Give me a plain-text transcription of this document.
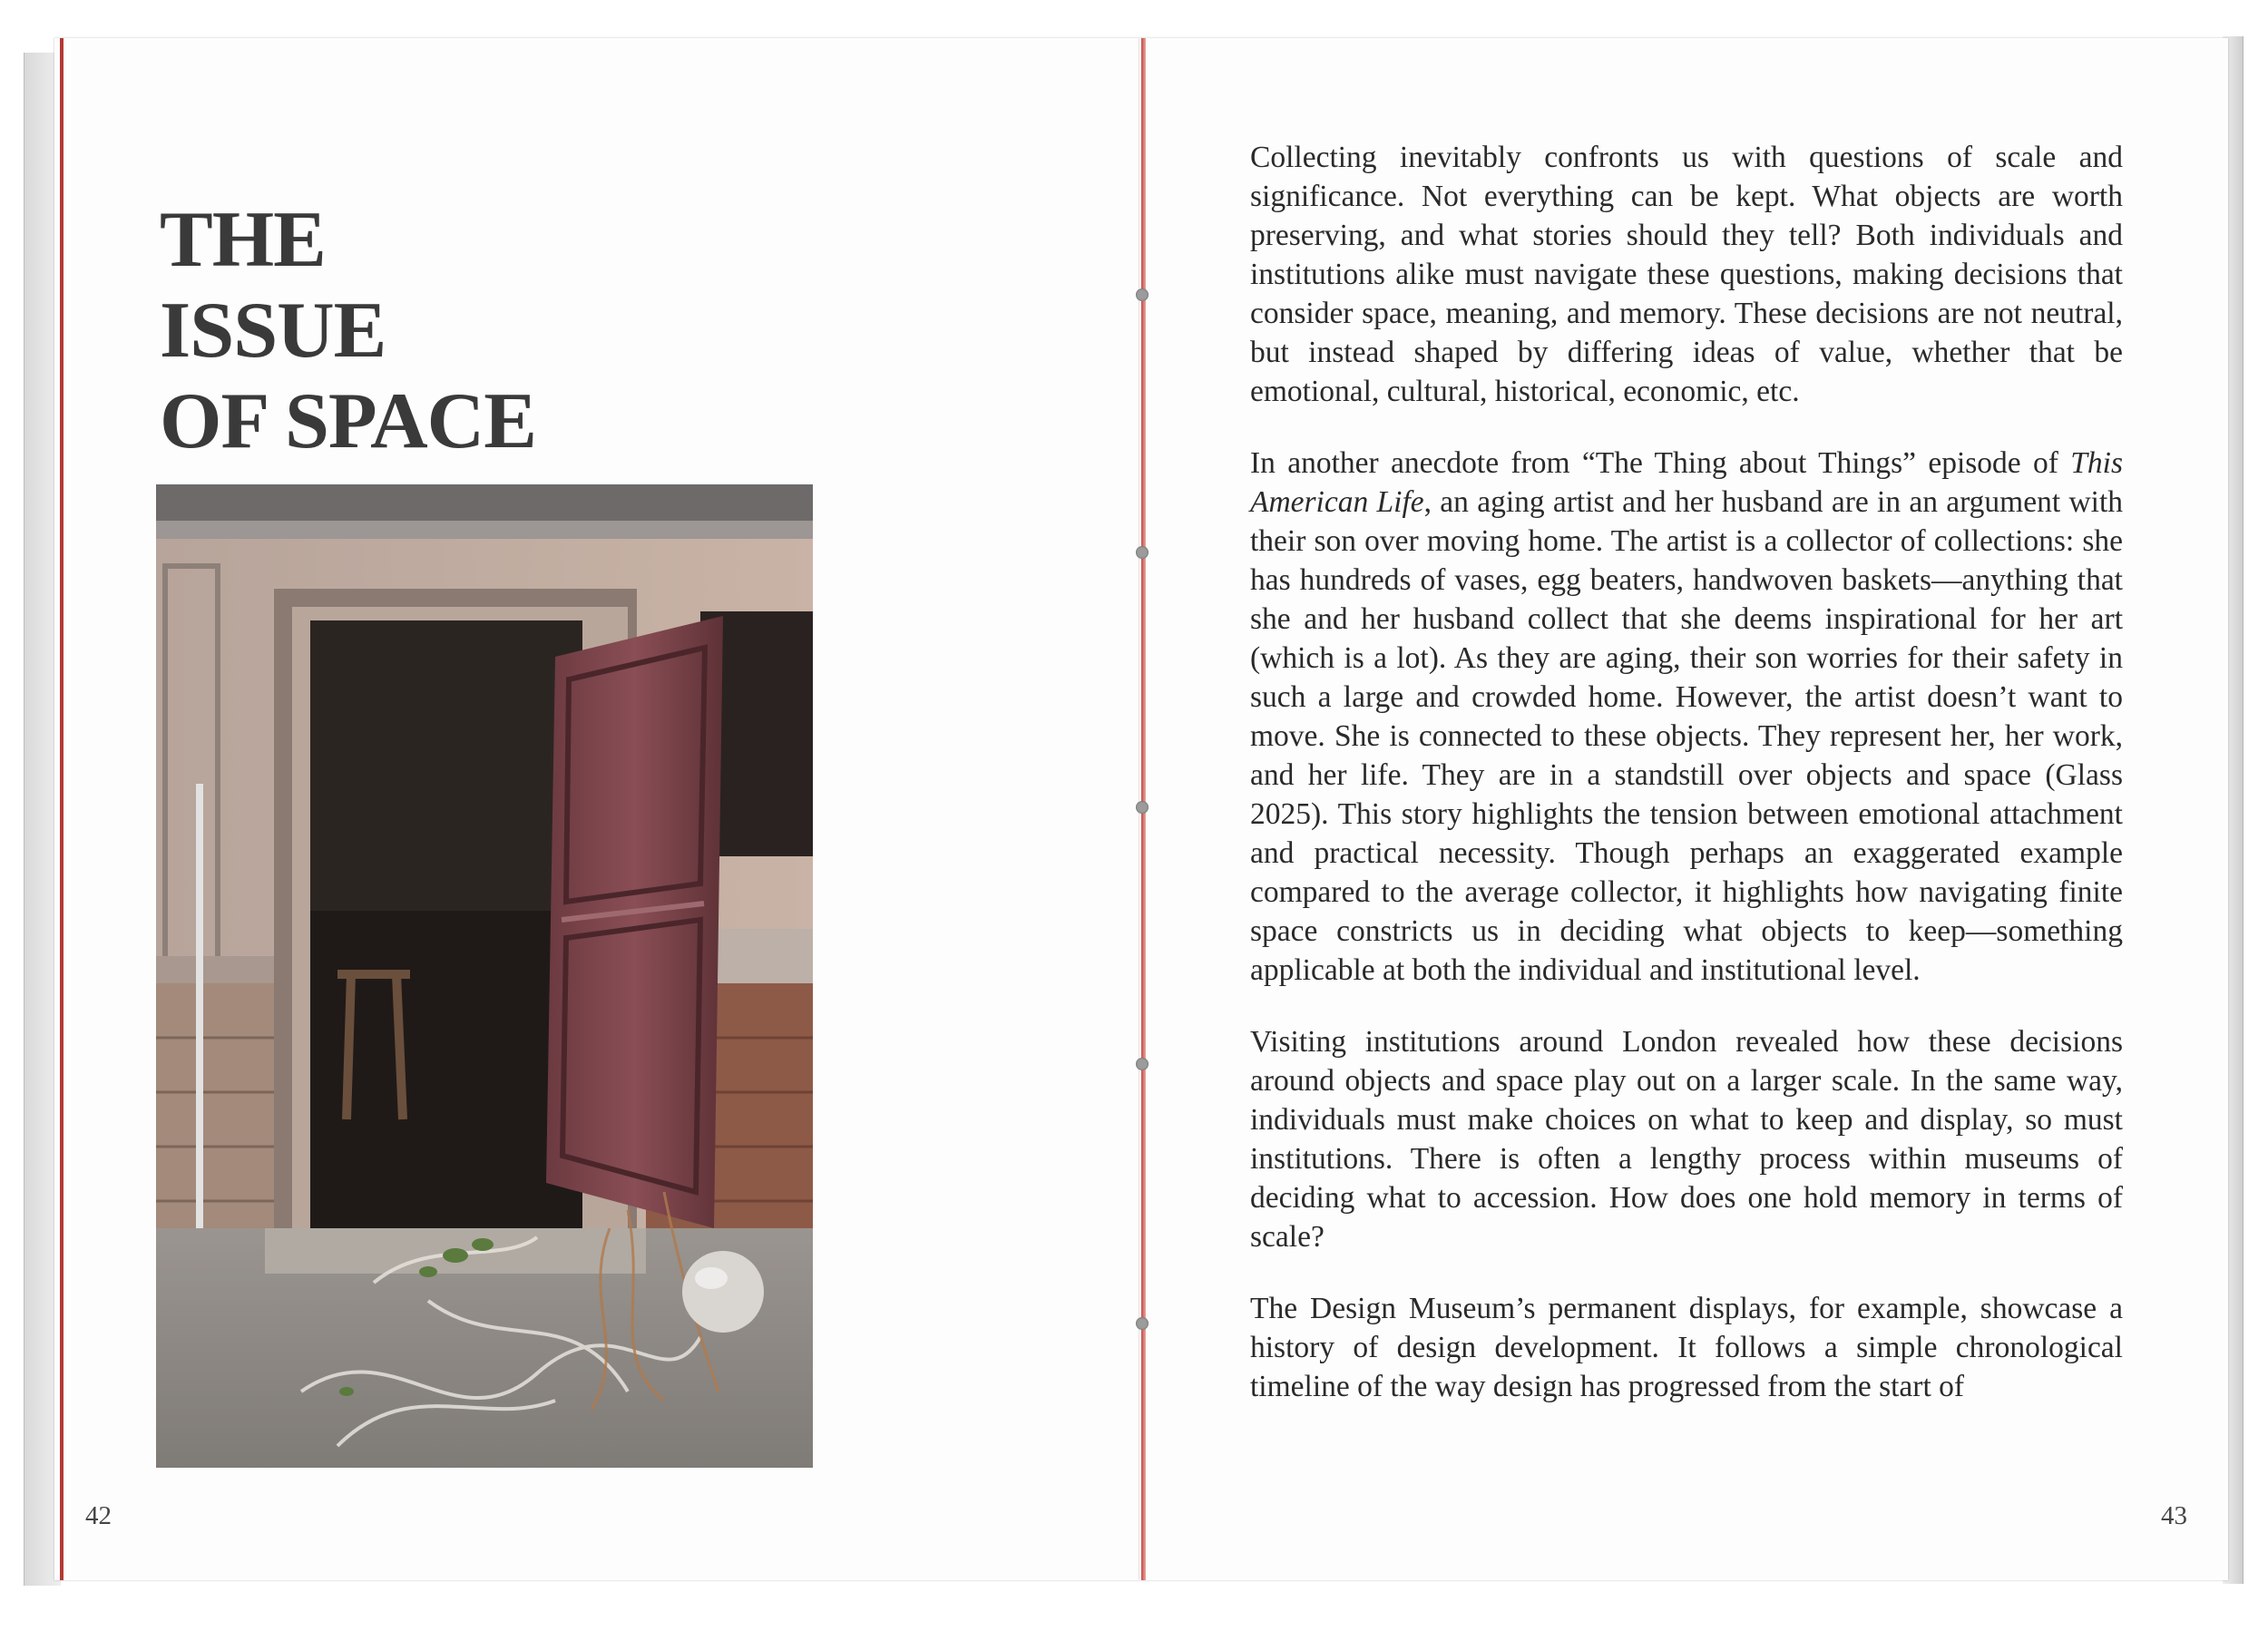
THE
ISSUE
OF SPACE
42	43

Collecting inevitably confronts us with questions of scale and significance. Not everything can be kept. What objects are worth preserving, and what stories should they tell? Both individuals and institutions alike must navigate these questions, making decisions that consider space, meaning, and memory. These decisions are not neutral, but instead shaped by differing ideas of value, whether that be emotional, cultural, historical, economic, etc.

In another anecdote from “The Thing about Things” episode of This American Life, an aging artist and her husband are in an argument with their son over moving home. The artist is a collector of collections: she has hundreds of vases, egg beaters, handwoven baskets—anything that she and her husband collect that she deems inspirational for her art (which is a lot). As they are aging, their son worries for their safety in such a large and crowded home. However, the artist doesn’t want to move. She is connected to these objects. They represent her, her work, and her life. They are in a standstill over objects and space (Glass 2025). This story highlights the tension between emotional attachment and practical necessity. Though perhaps an exaggerated example compared to the average collector, it highlights how navigating finite space constricts us in deciding what objects to keep—something applicable at both the individual and institutional level.

Visiting institutions around London revealed how these decisions around objects and space play out on a larger scale. In the same way, individuals must make choices on what to keep and display, so must institutions. There is often a lengthy process within museums of deciding what to accession. How does one hold memory in terms of scale?

The Design Museum’s permanent displays, for example, showcase a history of design development. It follows a simple chronological timeline of the way design has progressed from the start of
